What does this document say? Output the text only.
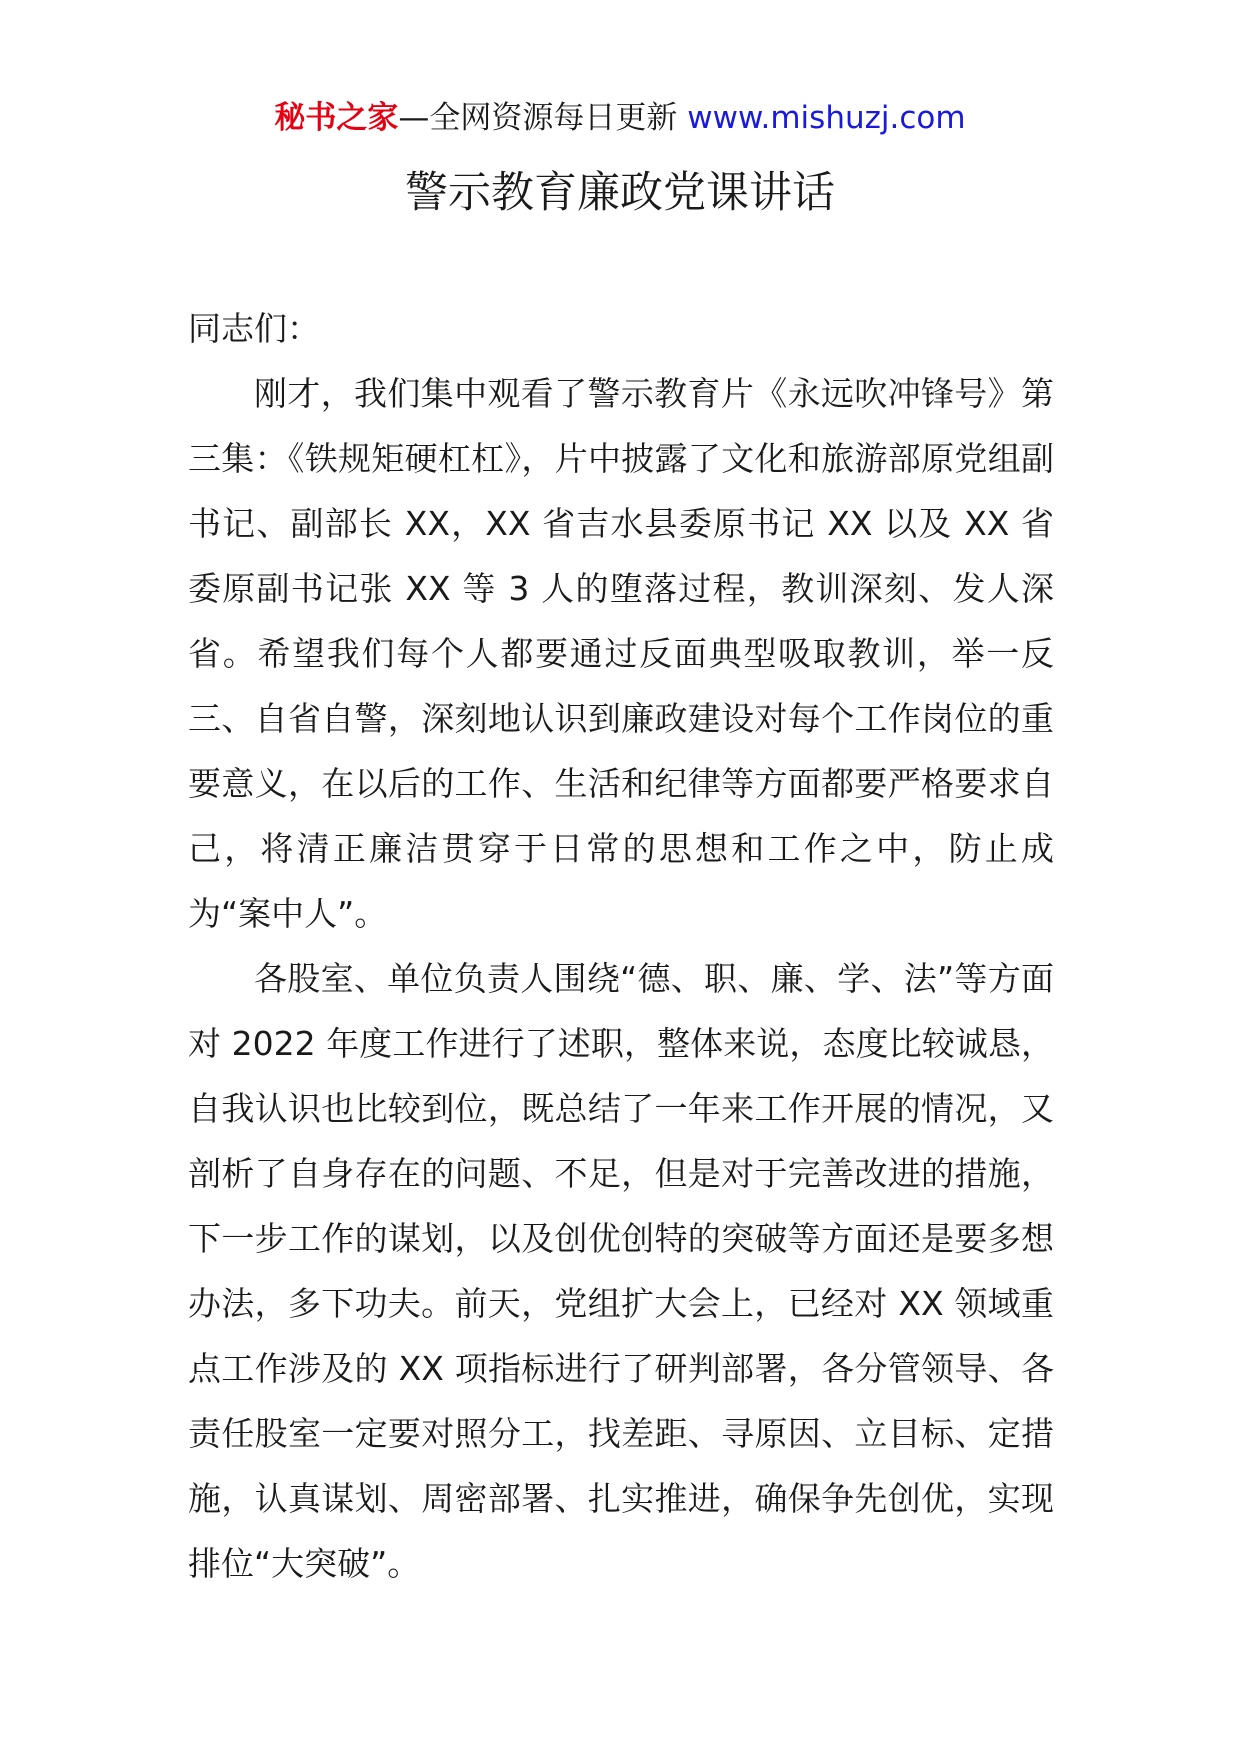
秘书之家—全网资源每日更新 www.mishuzj.com
警示教育廉政党课讲话

同志们：

刚才，我们集中观看了警示教育片《永远吹冲锋号》第三集：《铁规矩硬杠杠》，片中披露了文化和旅游部原党组副书记、副部长 XX，XX 省吉水县委原书记 XX 以及 XX 省委原副书记张 XX 等 3 人的堕落过程，教训深刻、发人深省。希望我们每个人都要通过反面典型吸取教训，举一反三、自省自警，深刻地认识到廉政建设对每个工作岗位的重要意义，在以后的工作、生活和纪律等方面都要严格要求自己，将清正廉洁贯穿于日常的思想和工作之中，防止成为“案中人”。

各股室、单位负责人围绕“德、职、廉、学、法”等方面对 2022 年度工作进行了述职，整体来说，态度比较诚恳，自我认识也比较到位，既总结了一年来工作开展的情况，又剖析了自身存在的问题、不足，但是对于完善改进的措施，下一步工作的谋划，以及创优创特的突破等方面还是要多想办法，多下功夫。前天，党组扩大会上，已经对 XX 领域重点工作涉及的 XX 项指标进行了研判部署，各分管领导、各责任股室一定要对照分工，找差距、寻原因、立目标、定措施，认真谋划、周密部署、扎实推进，确保争先创优，实现排位“大突破”。
